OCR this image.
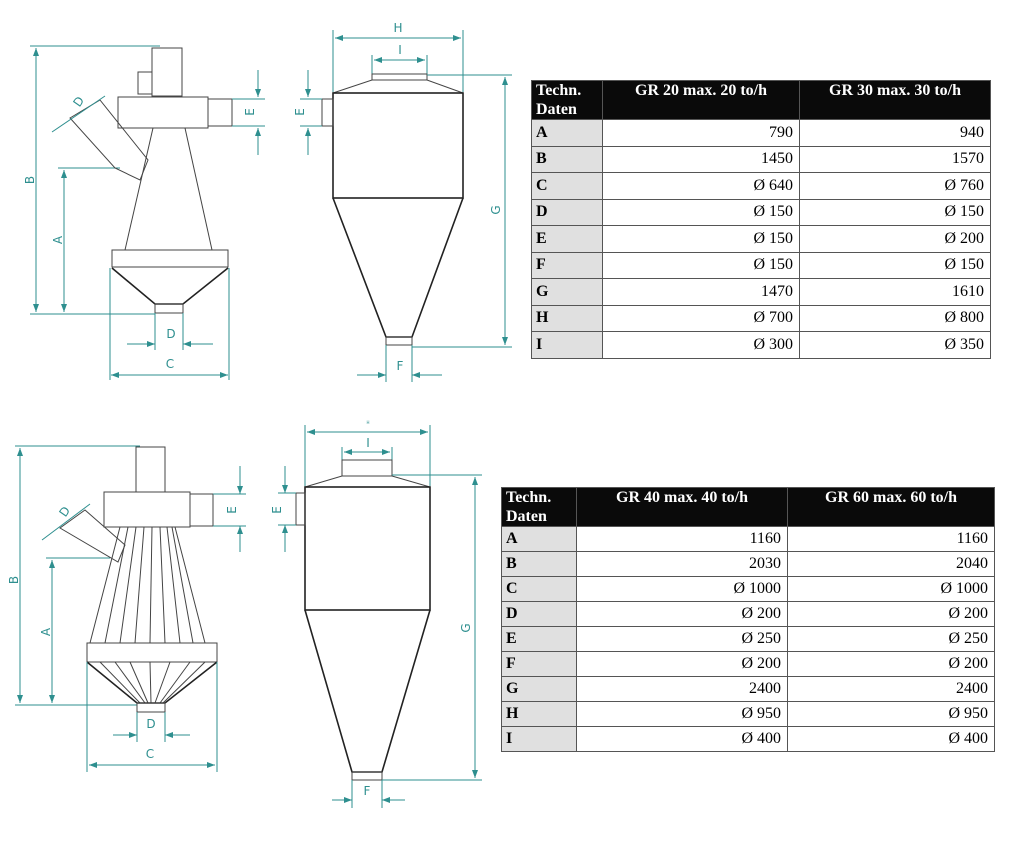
B
A
E
D
D
C
H
I
E
G
F
B
A
E
D
D
C
I
H
E
G
F
Techn. Daten	GR 20 max. 20 to/h	GR 30 max. 30 to/h
A	790	940
B	1450	1570
C	Ø 640	Ø 760
D	Ø 150	Ø 150
E	Ø 150	Ø 200
F	Ø 150	Ø 150
G	1470	1610
H	Ø 700	Ø 800
I	Ø 300	Ø 350
Techn. Daten	GR 40 max. 40 to/h	GR 60 max. 60 to/h
A	1160	1160
B	2030	2040
C	Ø 1000	Ø 1000
D	Ø 200	Ø 200
E	Ø 250	Ø 250
F	Ø 200	Ø 200
G	2400	2400
H	Ø 950	Ø 950
I	Ø 400	Ø 400
